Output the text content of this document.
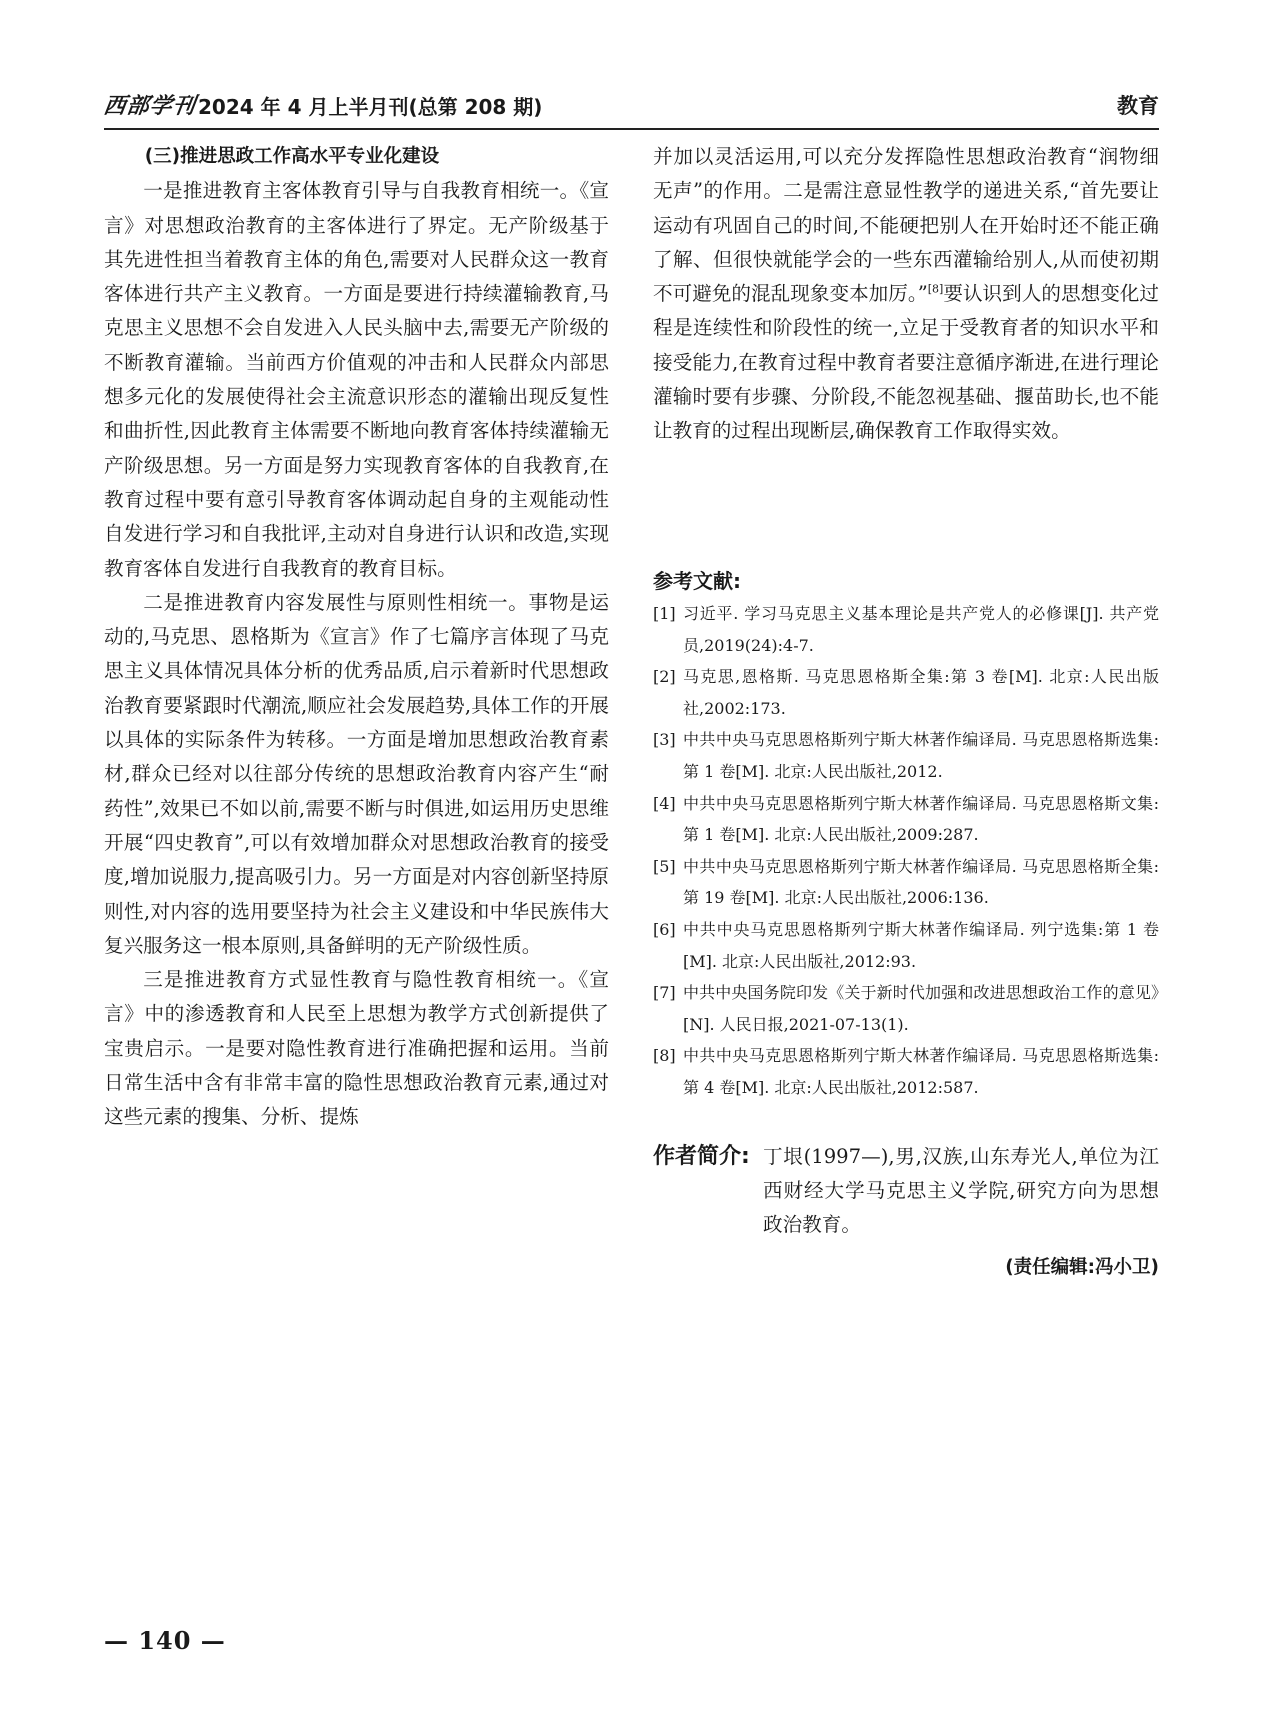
西部学刊 2024 年 4 月上半月刊(总第 208 期)	教育
(三)推进思政工作高水平专业化建设

一是推进教育主客体教育引导与自我教育相统一。《宣言》对思想政治教育的主客体进行了界定。无产阶级基于其先进性担当着教育主体的角色,需要对人民群众这一教育客体进行共产主义教育。一方面是要进行持续灌输教育,马克思主义思想不会自发进入人民头脑中去,需要无产阶级的不断教育灌输。当前西方价值观的冲击和人民群众内部思想多元化的发展使得社会主流意识形态的灌输出现反复性和曲折性,因此教育主体需要不断地向教育客体持续灌输无产阶级思想。另一方面是努力实现教育客体的自我教育,在教育过程中要有意引导教育客体调动起自身的主观能动性自发进行学习和自我批评,主动对自身进行认识和改造,实现教育客体自发进行自我教育的教育目标。

二是推进教育内容发展性与原则性相统一。事物是运动的,马克思、恩格斯为《宣言》作了七篇序言体现了马克思主义具体情况具体分析的优秀品质,启示着新时代思想政治教育要紧跟时代潮流,顺应社会发展趋势,具体工作的开展以具体的实际条件为转移。一方面是增加思想政治教育素材,群众已经对以往部分传统的思想政治教育内容产生“耐药性”,效果已不如以前,需要不断与时俱进,如运用历史思维开展“四史教育”,可以有效增加群众对思想政治教育的接受度,增加说服力,提高吸引力。另一方面是对内容创新坚持原则性,对内容的选用要坚持为社会主义建设和中华民族伟大复兴服务这一根本原则,具备鲜明的无产阶级性质。

三是推进教育方式显性教育与隐性教育相统一。《宣言》中的渗透教育和人民至上思想为教学方式创新提供了宝贵启示。一是要对隐性教育进行准确把握和运用。当前日常生活中含有非常丰富的隐性思想政治教育元素,通过对这些元素的搜集、分析、提炼

并加以灵活运用,可以充分发挥隐性思想政治教育“润物细无声”的作用。二是需注意显性教学的递进关系,“首先要让运动有巩固自己的时间,不能硬把别人在开始时还不能正确了解、但很快就能学会的一些东西灌输给别人,从而使初期不可避免的混乱现象变本加厉。”[8]要认识到人的思想变化过程是连续性和阶段性的统一,立足于受教育者的知识水平和接受能力,在教育过程中教育者要注意循序渐进,在进行理论灌输时要有步骤、分阶段,不能忽视基础、揠苗助长,也不能让教育的过程出现断层,确保教育工作取得实效。

参考文献:
[1] 习近平. 学习马克思主义基本理论是共产党人的必修课[J]. 共产党员,2019(24):4-7.
[2] 马克思,恩格斯. 马克思恩格斯全集:第 3 卷[M]. 北京:人民出版社,2002:173.
[3] 中共中央马克思恩格斯列宁斯大林著作编译局. 马克思恩格斯选集:第 1 卷[M]. 北京:人民出版社,2012.
[4] 中共中央马克思恩格斯列宁斯大林著作编译局. 马克思恩格斯文集:第 1 卷[M]. 北京:人民出版社,2009:287.
[5] 中共中央马克思恩格斯列宁斯大林著作编译局. 马克思恩格斯全集:第 19 卷[M]. 北京:人民出版社,2006:136.
[6] 中共中央马克思恩格斯列宁斯大林著作编译局. 列宁选集:第 1 卷[M]. 北京:人民出版社,2012:93.
[7] 中共中央国务院印发《关于新时代加强和改进思想政治工作的意见》[N]. 人民日报,2021-07-13(1).
[8] 中共中央马克思恩格斯列宁斯大林著作编译局. 马克思恩格斯选集:第 4 卷[M]. 北京:人民出版社,2012:587.
作者简介: 丁垠(1997—),男,汉族,山东寿光人,单位为江西财经大学马克思主义学院,研究方向为思想政治教育。
(责任编辑:冯小卫)
— 140 —
